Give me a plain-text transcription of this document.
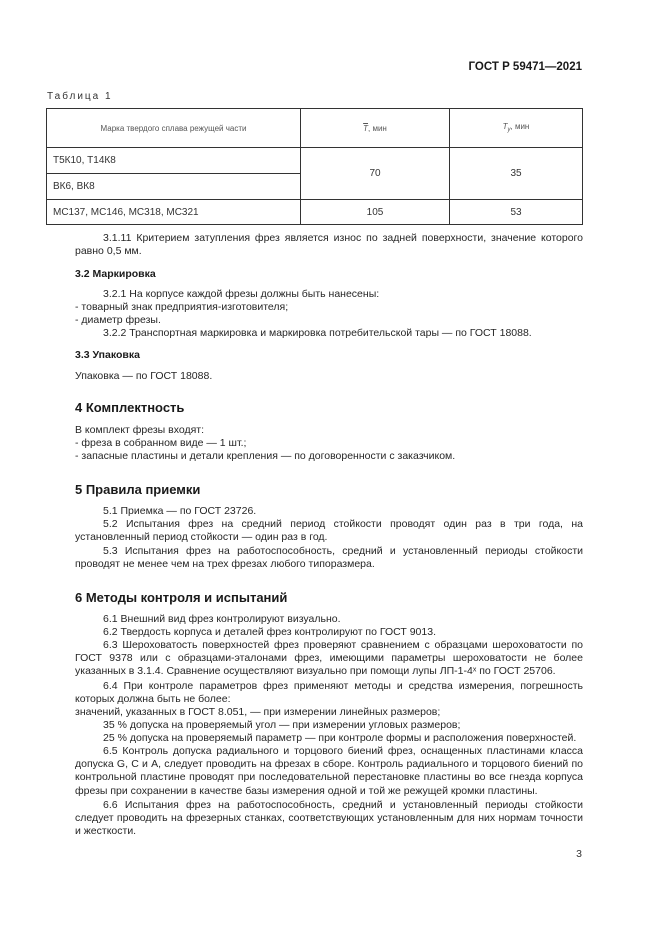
ГОСТ Р 59471—2021
Таблица 1
Марка твердого сплава режущей части	$\overline{T}$, мин	$T_у$, мин
Т5К10, Т14К8	70	35
ВК6, ВК8		
МС137, МС146, МС318, МС321	105	53
3.1.11 Критерием затупления фрез является износ по задней поверхности, значение которого равно 0,5 мм.
3.2 Маркировка
3.2.1 На корпусе каждой фрезы должны быть нанесены:
- товарный знак предприятия-изготовителя;
- диаметр фрезы.
3.2.2 Транспортная маркировка и маркировка потребительской тары — по ГОСТ 18088.
3.3 Упаковка
Упаковка — по ГОСТ 18088.
4 Комплектность
В комплект фрезы входят:
- фреза в собранном виде — 1 шт.;
- запасные пластины и детали крепления — по договоренности с заказчиком.
5 Правила приемки
5.1 Приемка — по ГОСТ 23726.
5.2 Испытания фрез на средний период стойкости проводят один раз в три года, на установленный период стойкости — один раз в год.
5.3 Испытания фрез на работоспособность, средний и установленный периоды стойкости проводят не менее чем на трех фрезах любого типоразмера.
6 Методы контроля и испытаний
6.1 Внешний вид фрез контролируют визуально.
6.2 Твердость корпуса и деталей фрез контролируют по ГОСТ 9013.
6.3 Шероховатость поверхностей фрез проверяют сравнением с образцами шероховатости по ГОСТ 9378 или с образцами-эталонами фрез, имеющими параметры шероховатости не более указанных в 3.1.4. Сравнение осуществляют визуально при помощи лупы ЛП-1-4ˣ по ГОСТ 25706.
6.4 При контроле параметров фрез применяют методы и средства измерения, погрешность которых должна быть не более:
значений, указанных в ГОСТ 8.051, — при измерении линейных размеров;
35 % допуска на проверяемый угол — при измерении угловых размеров;
25 % допуска на проверяемый параметр — при контроле формы и расположения поверхностей.
6.5 Контроль допуска радиального и торцового биений фрез, оснащенных пластинами класса допуска G, С и А, следует проводить на фрезах в сборе. Контроль радиального и торцового биений по контрольной пластине проводят при последовательной перестановке пластины во все гнезда корпуса фрезы при сохранении в качестве базы измерения одной и той же режущей кромки пластины.
6.6 Испытания фрез на работоспособность, средний и установленный периоды стойкости следует проводить на фрезерных станках, соответствующих установленным для них нормам точности и жесткости.
3
